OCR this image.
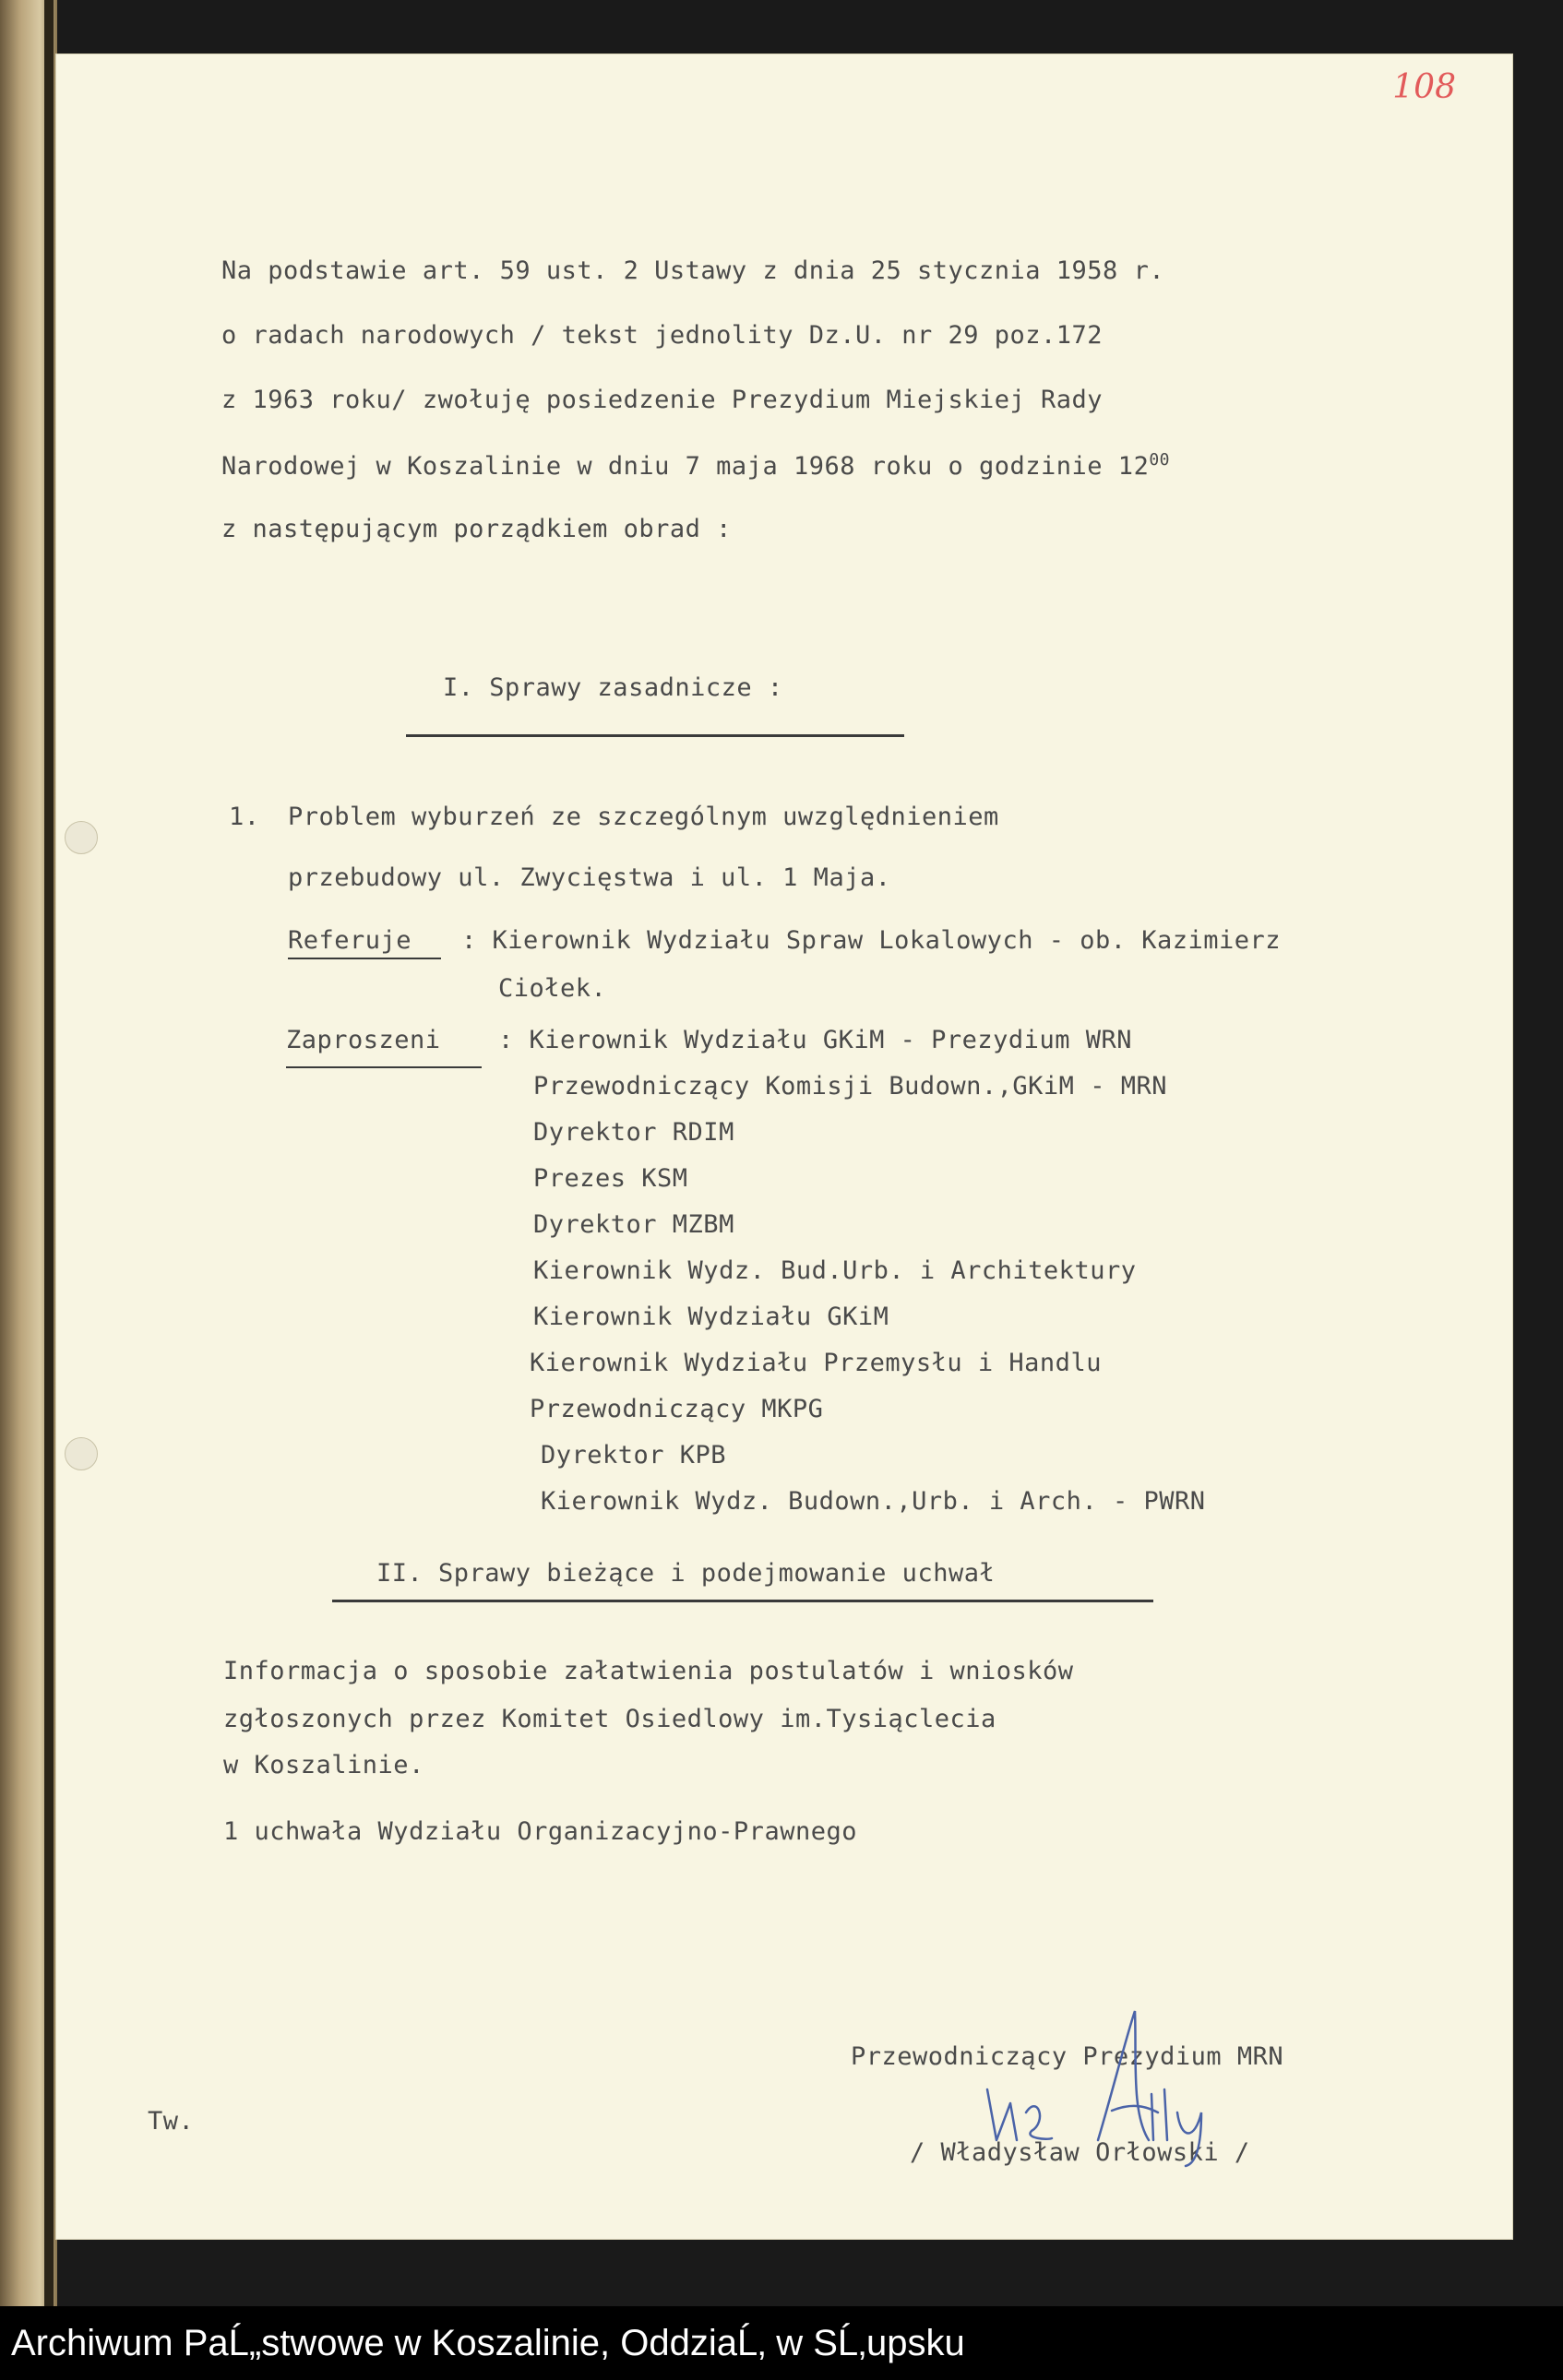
108
Na podstawie art. 59 ust. 2 Ustawy z dnia 25 stycznia 1958 r.
o radach narodowych / tekst jednolity Dz.U. nr 29 poz.172
z 1963 roku/ zwołuję posiedzenie Prezydium Miejskiej Rady
Narodowej w Koszalinie w dniu 7 maja 1968 roku o godzinie $12^{00}$
z następującym porządkiem obrad :
I. Sprawy zasadnicze :
1. Problem wyburzeń ze szczególnym uwzględnieniem
przebudowy ul. Zwycięstwa i ul. 1 Maja.
Referuje : Kierownik Wydziału Spraw Lokalowych - ob. Kazimierz
Ciołek.
Zaproszeni : Kierownik Wydziału GKiM - Prezydium WRN
Przewodniczący Komisji Budown.,GKiM - MRN
Dyrektor RDIM
Prezes KSM
Dyrektor MZBM
Kierownik Wydz. Bud.Urb. i Architektury
Kierownik Wydziału GKiM
Kierownik Wydziału Przemysłu i Handlu
Przewodniczący MKPG
Dyrektor KPB
Kierownik Wydz. Budown.,Urb. i Arch. - PWRN
II. Sprawy bieżące i podejmowanie uchwał
Informacja o sposobie załatwienia postulatów i wniosków
zgłoszonych przez Komitet Osiedlowy im.Tysiąclecia
w Koszalinie.
1 uchwała Wydziału Organizacyjno-Prawnego
Przewodniczący Prezydium MRN
/ Władysław Orłowski /
Tw.
Archiwum PaĹ„stwowe w Koszalinie, OddziaĹ‚ w SĹ‚upsku
